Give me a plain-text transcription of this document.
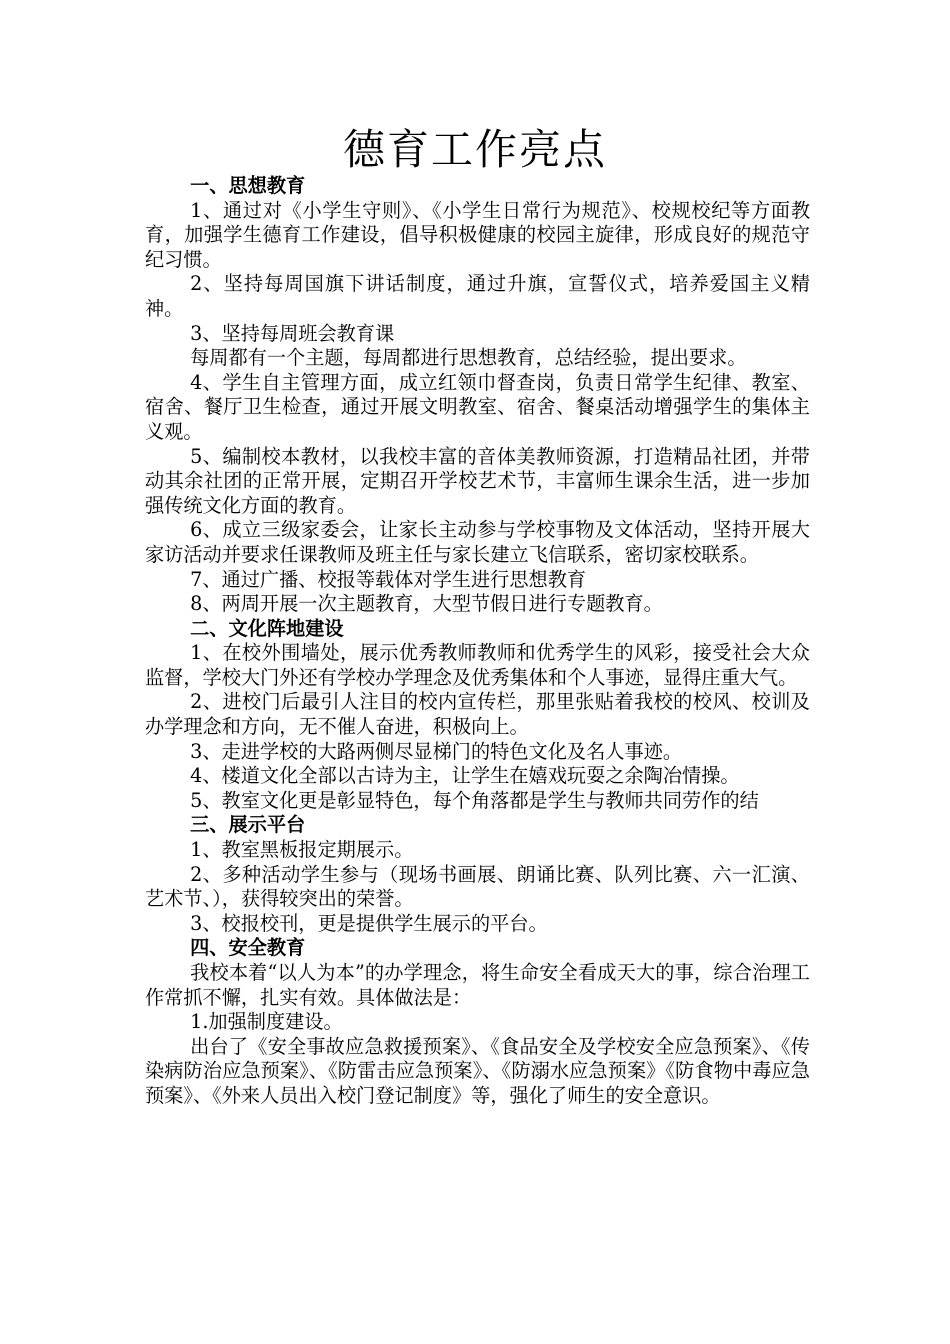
德育工作亮点

一、思想教育

1、通过对《小学生守则》、《小学生日常行为规范》、校规校纪等方面教育，加强学生德育工作建设，倡导积极健康的校园主旋律，形成良好的规范守纪习惯。

2、坚持每周国旗下讲话制度，通过升旗，宣誓仪式，培养爱国主义精神。

3、坚持每周班会教育课

每周都有一个主题，每周都进行思想教育，总结经验，提出要求。

4、学生自主管理方面，成立红领巾督查岗，负责日常学生纪律、教室、宿舍、餐厅卫生检查，通过开展文明教室、宿舍、餐桌活动增强学生的集体主义观。

5、编制校本教材，以我校丰富的音体美教师资源，打造精品社团，并带动其余社团的正常开展，定期召开学校艺术节，丰富师生课余生活，进一步加强传统文化方面的教育。

6、成立三级家委会，让家长主动参与学校事物及文体活动，坚持开展大家访活动并要求任课教师及班主任与家长建立飞信联系，密切家校联系。

7、通过广播、校报等载体对学生进行思想教育

8、两周开展一次主题教育，大型节假日进行专题教育。

二、文化阵地建设

1、在校外围墙处，展示优秀教师教师和优秀学生的风彩，接受社会大众监督，学校大门外还有学校办学理念及优秀集体和个人事迹，显得庄重大气。

2、进校门后最引人注目的校内宣传栏，那里张贴着我校的校风、校训及办学理念和方向，无不催人奋进，积极向上。

3、走进学校的大路两侧尽显梯门的特色文化及名人事迹。

4、楼道文化全部以古诗为主，让学生在嬉戏玩耍之余陶冶情操。

5、教室文化更是彰显特色，每个角落都是学生与教师共同劳作的结

三、展示平台

1、教室黑板报定期展示。

2、多种活动学生参与（现场书画展、朗诵比赛、队列比赛、六一汇演、艺术节、），获得较突出的荣誉。

3、校报校刊，更是提供学生展示的平台。

四、安全教育

我校本着“以人为本”的办学理念，将生命安全看成天大的事，综合治理工作常抓不懈，扎实有效。具体做法是：

1.加强制度建设。

出台了《安全事故应急救援预案》、《食品安全及学校安全应急预案》、《传染病防治应急预案》、《防雷击应急预案》、《防溺水应急预案》《防食物中毒应急预案》、《外来人员出入校门登记制度》等，强化了师生的安全意识。
